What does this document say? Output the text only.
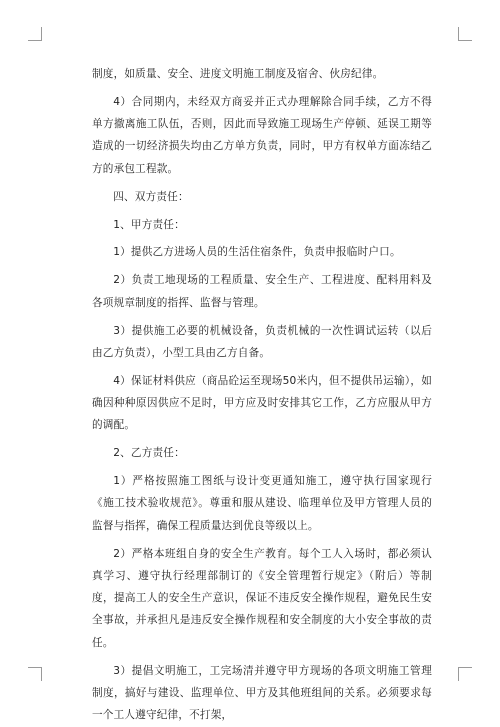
制度，如质量、安全、进度文明施工制度及宿舍、伙房纪律。

4）合同期内，未经双方商妥并正式办理解除合同手续，乙方不得单方撤离施工队伍，否则，因此而导致施工现场生产停顿、延误工期等造成的一切经济损失均由乙方单方负责，同时，甲方有权单方面冻结乙方的承包工程款。

四、双方责任：

1、甲方责任：

1）提供乙方进场人员的生活住宿条件，负责申报临时户口。

2）负责工地现场的工程质量、安全生产、工程进度、配料用料及各项规章制度的指挥、监督与管理。

3）提供施工必要的机械设备，负责机械的一次性调试运转（以后由乙方负责），小型工具由乙方自备。

4）保证材料供应（商品砼运至现场50米内，但不提供吊运输），如确因种种原因供应不足时，甲方应及时安排其它工作，乙方应服从甲方的调配。

2、乙方责任：

1）严格按照施工图纸与设计变更通知施工，遵守执行国家现行《施工技术验收规范》。尊重和服从建设、临理单位及甲方管理人员的监督与指挥，确保工程质量达到优良等级以上。

2）严格本班组自身的安全生产教育。每个工人入场时，都必须认真学习、遵守执行经理部制订的《安全管理暂行规定》（附后）等制度，提高工人的安全生产意识，保证不违反安全操作规程，避免民生安全事故，并承担凡是违反安全操作规程和安全制度的大小安全事故的责任。

3）提倡文明施工，工完场清并遵守甲方现场的各项文明施工管理制度，搞好与建设、监理单位、甲方及其他班组间的关系。必须要求每一个工人遵守纪律，不打架，
